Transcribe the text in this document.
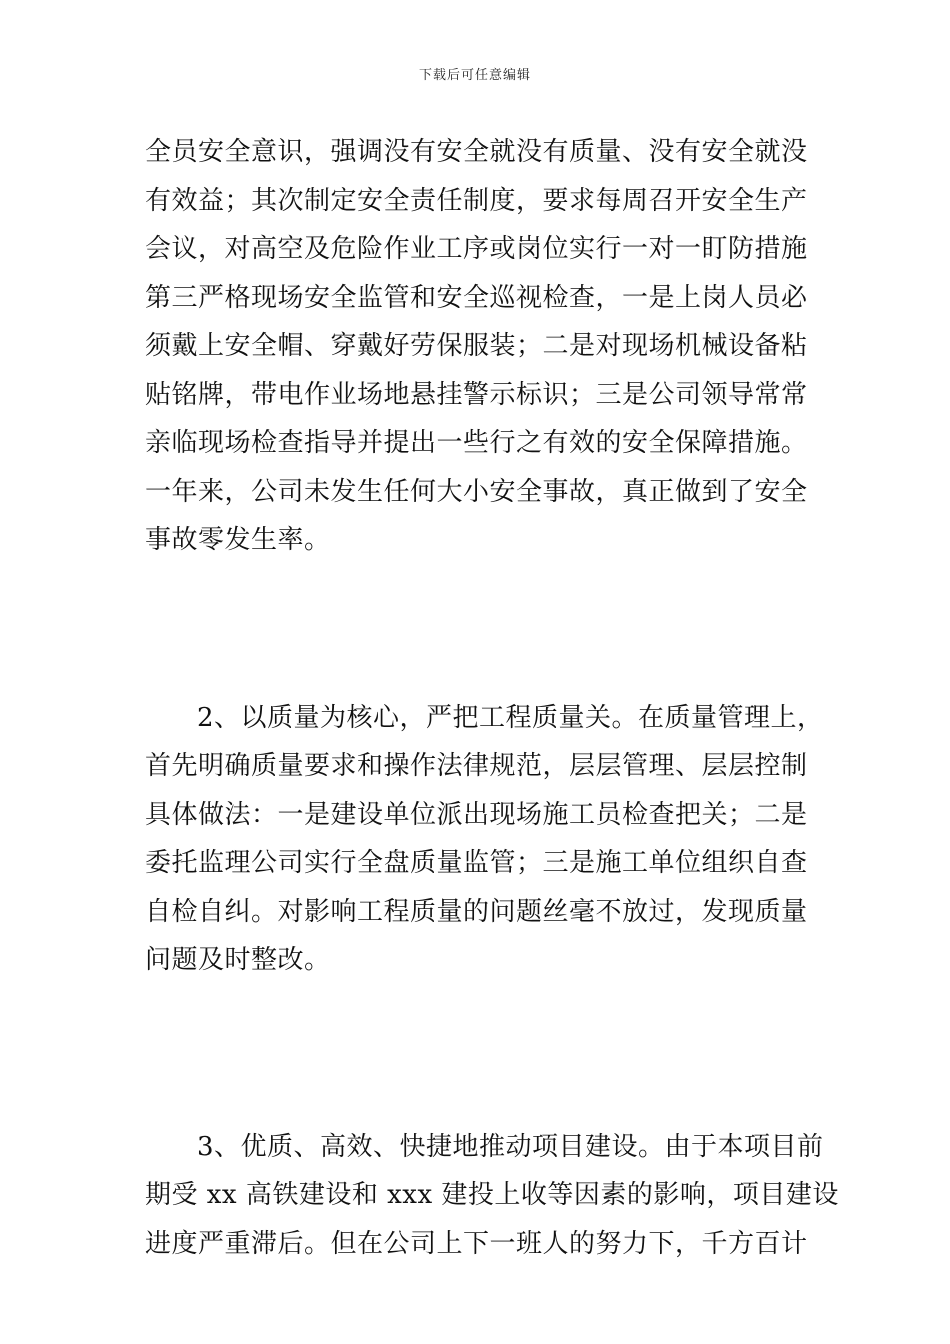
下载后可任意编辑
全员安全意识，强调没有安全就没有质量、没有安全就没
有效益；其次制定安全责任制度，要求每周召开安全生产
会议，对高空及危险作业工序或岗位实行一对一盯防措施
第三严格现场安全监管和安全巡视检查，一是上岗人员必
须戴上安全帽、穿戴好劳保服装；二是对现场机械设备粘
贴铭牌，带电作业场地悬挂警示标识；三是公司领导常常
亲临现场检查指导并提出一些行之有效的安全保障措施。
一年来，公司未发生任何大小安全事故，真正做到了安全
事故零发生率。
2、以质量为核心，严把工程质量关。在质量管理上，
首先明确质量要求和操作法律规范，层层管理、层层控制
具体做法：一是建设单位派出现场施工员检查把关；二是
委托监理公司实行全盘质量监管；三是施工单位组织自查
自检自纠。对影响工程质量的问题丝毫不放过，发现质量
问题及时整改。
3、优质、高效、快捷地推动项目建设。由于本项目前
期受 xx 高铁建设和 xxx 建投上收等因素的影响，项目建设
进度严重滞后。但在公司上下一班人的努力下，千方百计
